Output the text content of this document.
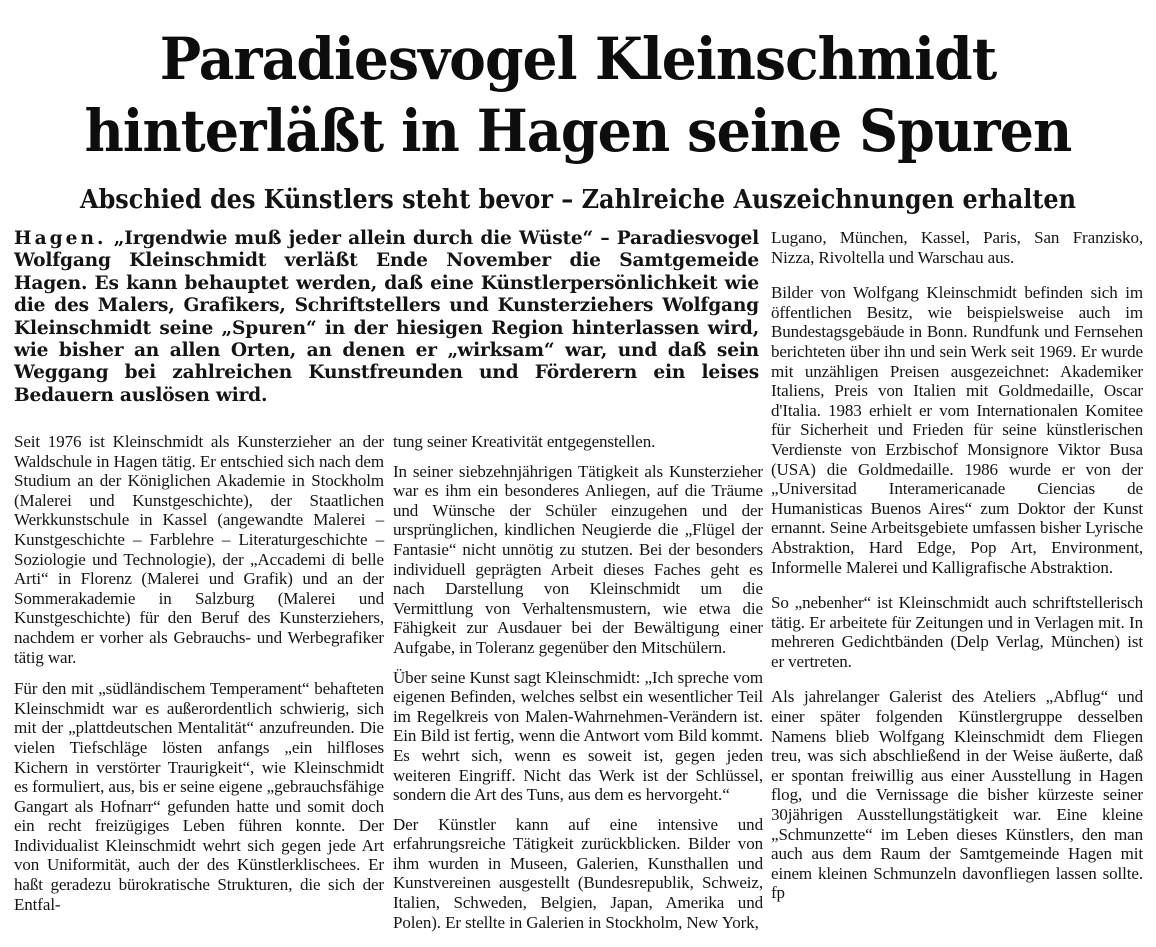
Paradiesvogel Kleinschmidt
hinterläßt in Hagen seine Spuren
Abschied des Künstlers steht bevor – Zahlreiche Auszeichnungen erhalten
Hagen. „Irgendwie muß jeder allein durch die Wüste“ – Paradiesvogel Wolfgang Kleinschmidt verläßt Ende November die Samtgemeide Hagen. Es kann behauptet werden, daß eine Künstlerpersönlichkeit wie die des Malers, Grafikers, Schriftstellers und Kunsterziehers Wolfgang Kleinschmidt seine „Spuren“ in der hiesigen Region hinterlassen wird, wie bisher an allen Orten, an denen er „wirksam“ war, und daß sein Weggang bei zahlreichen Kunstfreunden und Förderern ein leises Bedauern auslösen wird.

Seit 1976 ist Kleinschmidt als Kunsterzieher an der Waldschule in Hagen tätig. Er entschied sich nach dem Studium an der Königlichen Akademie in Stockholm (Malerei und Kunstgeschichte), der Staatlichen Werkkunstschule in Kassel (angewandte Malerei – Kunstgeschichte – Farblehre – Literaturgeschichte – Soziologie und Technologie), der „Accademi di belle Arti“ in Florenz (Malerei und Grafik) und an der Sommerakademie in Salzburg (Malerei und Kunstgeschichte) für den Beruf des Kunsterziehers, nachdem er vorher als Gebrauchs- und Werbegrafiker tätig war.

Für den mit „südländischem Temperament“ behafteten Kleinschmidt war es außerordentlich schwierig, sich mit der „plattdeutschen Mentalität“ anzufreunden. Die vielen Tiefschläge lösten anfangs „ein hilfloses Kichern in verstörter Traurigkeit“, wie Kleinschmidt es formuliert, aus, bis er seine eigene „gebrauchsfähige Gangart als Hofnarr“ gefunden hatte und somit doch ein recht freizügiges Leben führen konnte. Der Individualist Kleinschmidt wehrt sich gegen jede Art von Uniformität, auch der des Künstlerklischees. Er haßt geradezu bürokratische Strukturen, die sich der Entfal-

tung seiner Kreativität entgegenstellen.

In seiner siebzehnjährigen Tätigkeit als Kunsterzieher war es ihm ein besonderes Anliegen, auf die Träume und Wünsche der Schüler einzugehen und der ursprünglichen, kindlichen Neugierde die „Flügel der Fantasie“ nicht unnötig zu stutzen. Bei der besonders individuell geprägten Arbeit dieses Faches geht es nach Darstellung von Kleinschmidt um die Vermittlung von Verhaltensmustern, wie etwa die Fähigkeit zur Ausdauer bei der Bewältigung einer Aufgabe, in Toleranz gegenüber den Mitschülern.

Über seine Kunst sagt Kleinschmidt: „Ich spreche vom eigenen Befinden, welches selbst ein wesentlicher Teil im Regelkreis von Malen-Wahrnehmen-Verändern ist. Ein Bild ist fertig, wenn die Antwort vom Bild kommt. Es wehrt sich, wenn es soweit ist, gegen jeden weiteren Eingriff. Nicht das Werk ist der Schlüssel, sondern die Art des Tuns, aus dem es hervorgeht.“

Der Künstler kann auf eine intensive und erfahrungsreiche Tätigkeit zurückblicken. Bilder von ihm wurden in Museen, Galerien, Kunsthallen und Kunstvereinen ausgestellt (Bundesrepublik, Schweiz, Italien, Schweden, Belgien, Japan, Amerika und Polen). Er stellte in Galerien in Stockholm, New York,

Lugano, München, Kassel, Paris, San Franzisko, Nizza, Rivoltella und Warschau aus.

Bilder von Wolfgang Kleinschmidt befinden sich im öffentlichen Besitz, wie beispielsweise auch im Bundestagsgebäude in Bonn. Rundfunk und Fernsehen berichteten über ihn und sein Werk seit 1969. Er wurde mit unzähligen Preisen ausgezeichnet: Akademiker Italiens, Preis von Italien mit Goldmedaille, Oscar d'Italia. 1983 erhielt er vom Internationalen Komitee für Sicherheit und Frieden für seine künstlerischen Verdienste von Erzbischof Monsignore Viktor Busa (USA) die Goldmedaille. 1986 wurde er von der „Universitad Interamericanade Ciencias de Humanisticas Buenos Aires“ zum Doktor der Kunst ernannt. Seine Arbeitsgebiete umfassen bisher Lyrische Abstraktion, Hard Edge, Pop Art, Environment, Informelle Malerei und Kalligrafische Abstraktion.

So „nebenher“ ist Kleinschmidt auch schriftstellerisch tätig. Er arbeitete für Zeitungen und in Verlagen mit. In mehreren Gedichtbänden (Delp Verlag, München) ist er vertreten.

Als jahrelanger Galerist des Ateliers „Abflug“ und einer später folgenden Künstlergruppe desselben Namens blieb Wolfgang Kleinschmidt dem Fliegen treu, was sich abschließend in der Weise äußerte, daß er spontan freiwillig aus einer Ausstellung in Hagen flog, und die Vernissage die bisher kürzeste seiner 30jährigen Ausstellungstätigkeit war. Eine kleine „Schmunzette“ im Leben dieses Künstlers, den man auch aus dem Raum der Samtgemeinde Hagen mit einem kleinen Schmunzeln davonfliegen lassen sollte. fp
